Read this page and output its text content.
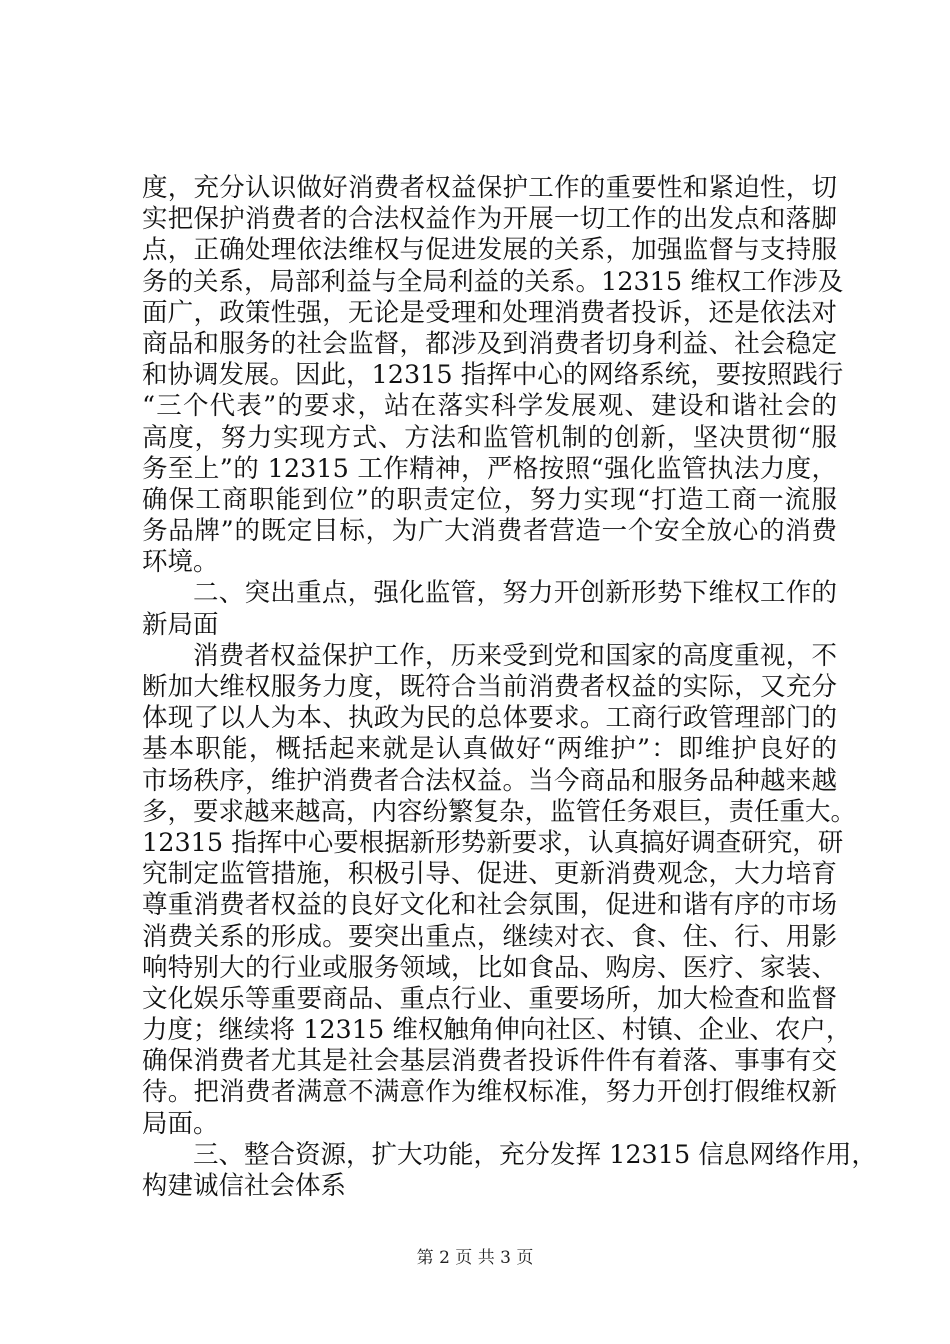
度，充分认识做好消费者权益保护工作的重要性和紧迫性，切
实把保护消费者的合法权益作为开展一切工作的出发点和落脚
点，正确处理依法维权与促进发展的关系，加强监督与支持服
务的关系，局部利益与全局利益的关系。12315 维权工作涉及
面广，政策性强，无论是受理和处理消费者投诉，还是依法对
商品和服务的社会监督，都涉及到消费者切身利益、社会稳定
和协调发展。因此，12315 指挥中心的网络系统，要按照践行
“三个代表”的要求，站在落实科学发展观、建设和谐社会的
高度，努力实现方式、方法和监管机制的创新，坚决贯彻“服
务至上”的 12315 工作精神，严格按照“强化监管执法力度，
确保工商职能到位”的职责定位，努力实现“打造工商一流服
务品牌”的既定目标，为广大消费者营造一个安全放心的消费
环境。
二、突出重点，强化监管，努力开创新形势下维权工作的
新局面
消费者权益保护工作，历来受到党和国家的高度重视，不
断加大维权服务力度，既符合当前消费者权益的实际，又充分
体现了以人为本、执政为民的总体要求。工商行政管理部门的
基本职能，概括起来就是认真做好“两维护”：即维护良好的
市场秩序，维护消费者合法权益。当今商品和服务品种越来越
多，要求越来越高，内容纷繁复杂，监管任务艰巨，责任重大。
12315 指挥中心要根据新形势新要求，认真搞好调查研究，研
究制定监管措施，积极引导、促进、更新消费观念，大力培育
尊重消费者权益的良好文化和社会氛围，促进和谐有序的市场
消费关系的形成。要突出重点，继续对衣、食、住、行、用影
响特别大的行业或服务领域，比如食品、购房、医疗、家装、
文化娱乐等重要商品、重点行业、重要场所，加大检查和监督
力度；继续将 12315 维权触角伸向社区、村镇、企业、农户，
确保消费者尤其是社会基层消费者投诉件件有着落、事事有交
待。把消费者满意不满意作为维权标准，努力开创打假维权新
局面。
三、整合资源，扩大功能，充分发挥 12315 信息网络作用，
构建诚信社会体系
第 2 页 共 3 页
